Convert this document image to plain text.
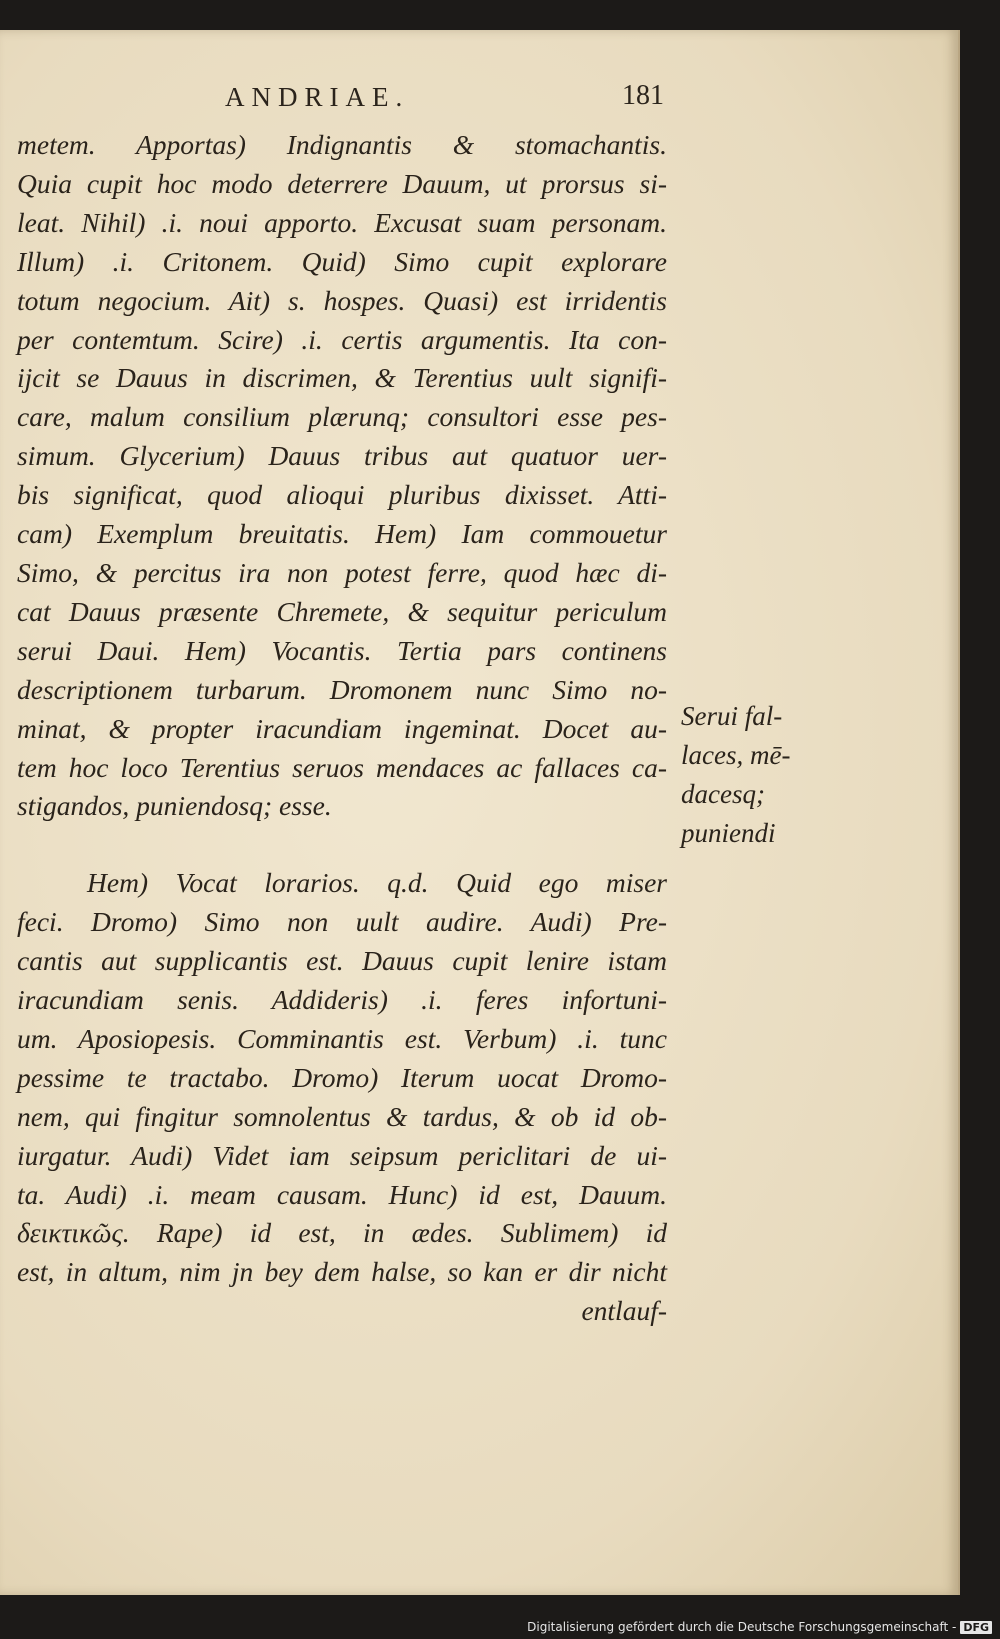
ANDRIAE.	181
metem. Apportas) Indignantis & stomachantis.
Quia cupit hoc modo deterrere Dauum, ut prorsus si-
leat. Nihil) .i. noui apporto. Excusat suam personam.
Illum) .i. Critonem. Quid) Simo cupit explorare
totum negocium. Ait) s. hospes. Quasi) est irridentis
per contemtum. Scire) .i. certis argumentis. Ita con-
ijcit se Dauus in discrimen, & Terentius uult signifi-
care, malum consilium plærunq; consultori esse pes-
simum. Glycerium) Dauus tribus aut quatuor uer-
bis significat, quod alioqui pluribus dixisset. Atti-
cam) Exemplum breuitatis. Hem) Iam commouetur
Simo, & percitus ira non potest ferre, quod hæc di-
cat Dauus præsente Chremete, & sequitur periculum
serui Daui. Hem) Vocantis. Tertia pars continens
descriptionem turbarum. Dromonem nunc Simo no-
minat, & propter iracundiam ingeminat. Docet au-
tem hoc loco Terentius seruos mendaces ac fallaces ca-
stigandos, puniendosq; esse.
Hem) Vocat lorarios. q.d. Quid ego miser
feci. Dromo) Simo non uult audire. Audi) Pre-
cantis aut supplicantis est. Dauus cupit lenire istam
iracundiam senis. Addideris) .i. feres infortuni-
um. Aposiopesis. Comminantis est. Verbum) .i. tunc
pessime te tractabo. Dromo) Iterum uocat Dromo-
nem, qui fingitur somnolentus & tardus, & ob id ob-
iurgatur. Audi) Videt iam seipsum periclitari de ui-
ta. Audi) .i. meam causam. Hunc) id est, Dauum.
δεικτικῶς. Rape) id est, in ædes. Sublimem) id
est, in altum, nim jn bey dem halse, so kan er dir nicht
entlauf-
Serui fal-
laces, mē-
dacesq;
puniendi
Digitalisierung gefördert durch die Deutsche Forschungsgemeinschaft - DFG
